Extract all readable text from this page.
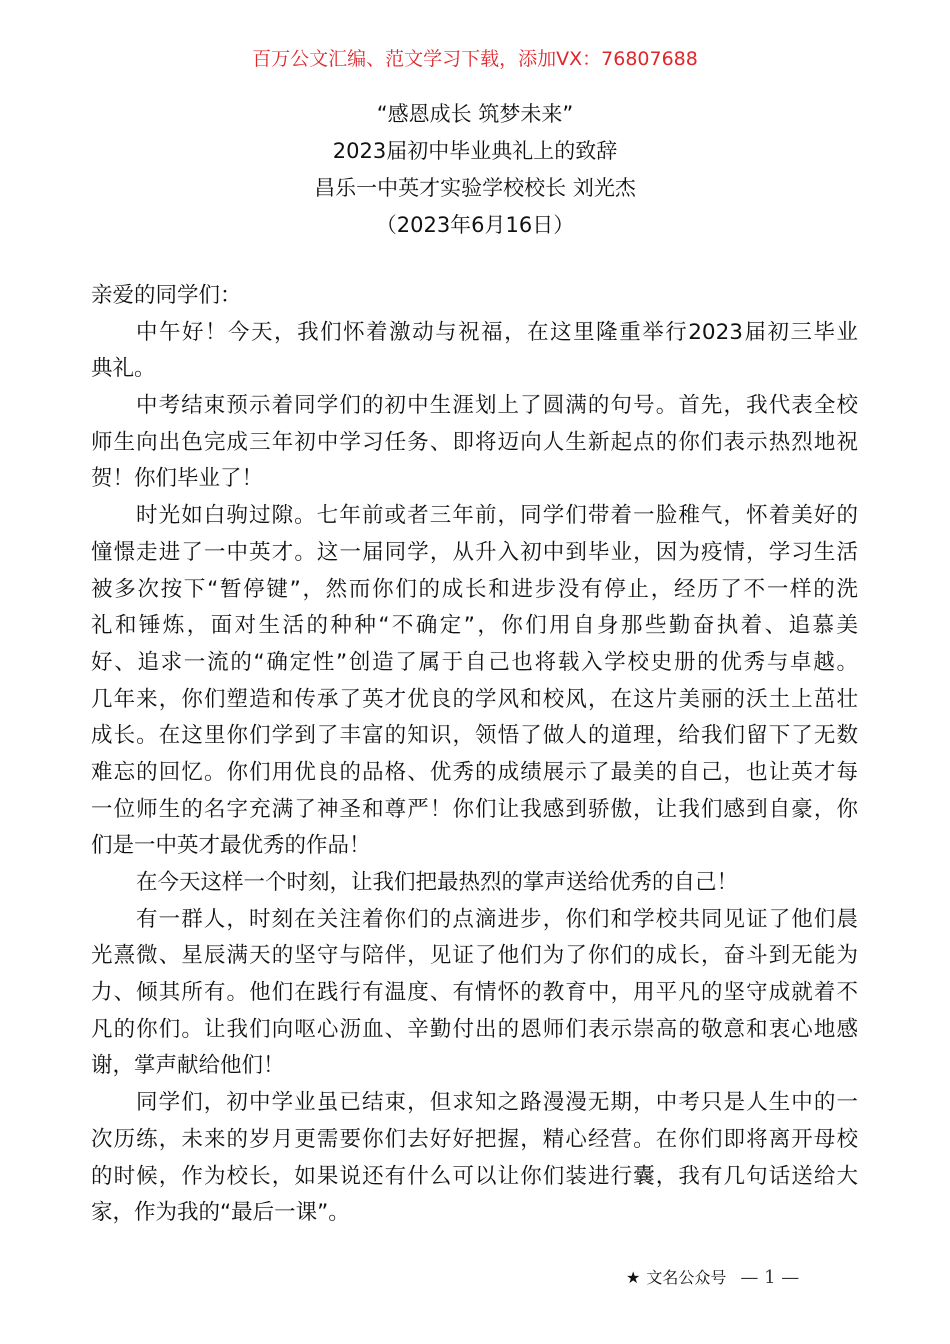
百万公文汇编、范文学习下载，添加VX：76807688
“感恩成长 筑梦未来”
2023届初中毕业典礼上的致辞
昌乐一中英才实验学校校长 刘光杰
（2023年6月16日）
亲爱的同学们：
中午好！今天，我们怀着激动与祝福，在这里隆重举行2023届初三毕业
典礼。
中考结束预示着同学们的初中生涯划上了圆满的句号。首先，我代表全校
师生向出色完成三年初中学习任务、即将迈向人生新起点的你们表示热烈地祝
贺！你们毕业了！
时光如白驹过隙。七年前或者三年前，同学们带着一脸稚气，怀着美好的
憧憬走进了一中英才。这一届同学，从升入初中到毕业，因为疫情，学习生活
被多次按下“暂停键”，然而你们的成长和进步没有停止，经历了不一样的洗
礼和锤炼，面对生活的种种“不确定”，你们用自身那些勤奋执着、追慕美
好、追求一流的“确定性”创造了属于自己也将载入学校史册的优秀与卓越。
几年来，你们塑造和传承了英才优良的学风和校风，在这片美丽的沃土上茁壮
成长。在这里你们学到了丰富的知识，领悟了做人的道理，给我们留下了无数
难忘的回忆。你们用优良的品格、优秀的成绩展示了最美的自己，也让英才每
一位师生的名字充满了神圣和尊严！你们让我感到骄傲，让我们感到自豪，你
们是一中英才最优秀的作品！
在今天这样一个时刻，让我们把最热烈的掌声送给优秀的自己！
有一群人，时刻在关注着你们的点滴进步，你们和学校共同见证了他们晨
光熹微、星辰满天的坚守与陪伴，见证了他们为了你们的成长，奋斗到无能为
力、倾其所有。他们在践行有温度、有情怀的教育中，用平凡的坚守成就着不
凡的你们。让我们向呕心沥血、辛勤付出的恩师们表示崇高的敬意和衷心地感
谢，掌声献给他们！
同学们，初中学业虽已结束，但求知之路漫漫无期，中考只是人生中的一
次历练，未来的岁月更需要你们去好好把握，精心经营。在你们即将离开母校
的时候，作为校长，如果说还有什么可以让你们装进行囊，我有几句话送给大
家，作为我的“最后一课”。
★ 文名公众号 — 1 —
